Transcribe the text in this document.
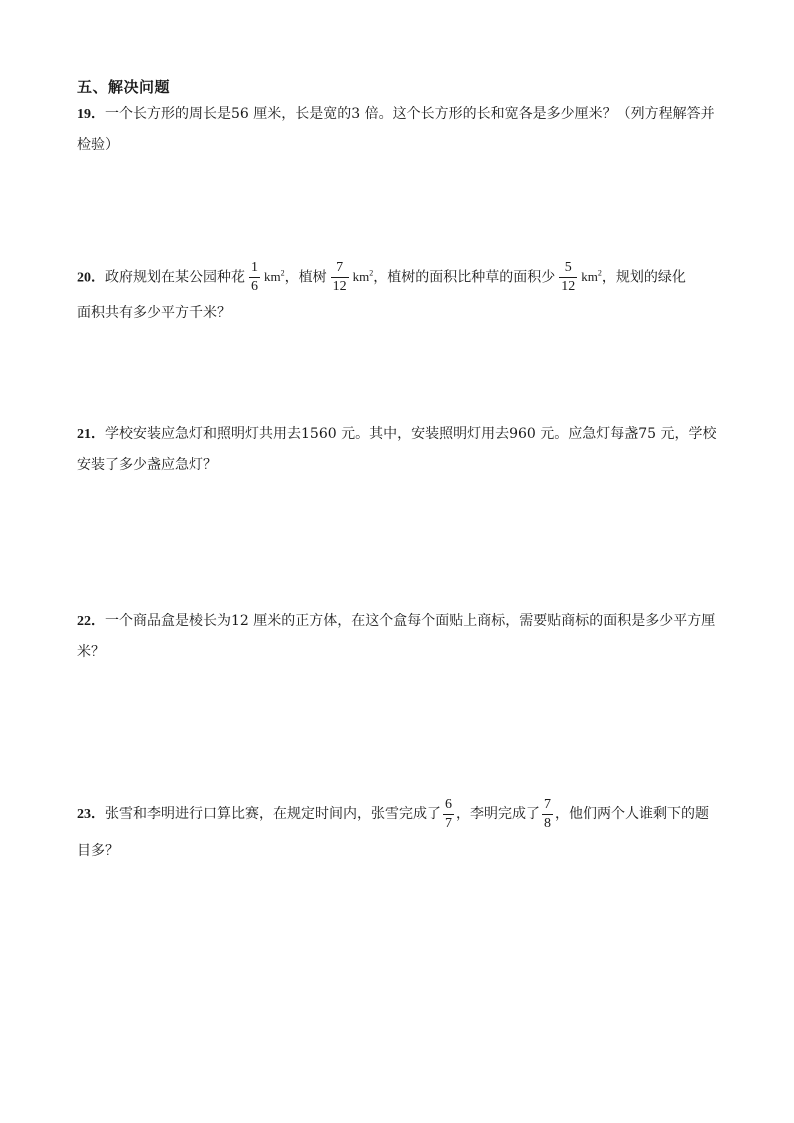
五、解决问题
19．一个长方形的周长是56 厘米，长是宽的3 倍。这个长方形的长和宽各是多少厘米？（列方程解答并
检验）
20．政府规划在某公园种花 $\frac{1}{6} km^2$，植树 $\frac{7}{12} km^2$，植树的面积比种草的面积少 $\frac{5}{12} km^2$，规划的绿化
面积共有多少平方千米？
21．学校安装应急灯和照明灯共用去1560 元。其中，安装照明灯用去960 元。应急灯每盏75 元，学校
安装了多少盏应急灯？
22．一个商品盒是棱长为12 厘米的正方体，在这个盒每个面贴上商标，需要贴商标的面积是多少平方厘
米？
23．张雪和李明进行口算比赛，在规定时间内，张雪完成了 $\frac{6}{7}$ ，李明完成了 $\frac{7}{8}$ ，他们两个人谁剩下的题
目多？
